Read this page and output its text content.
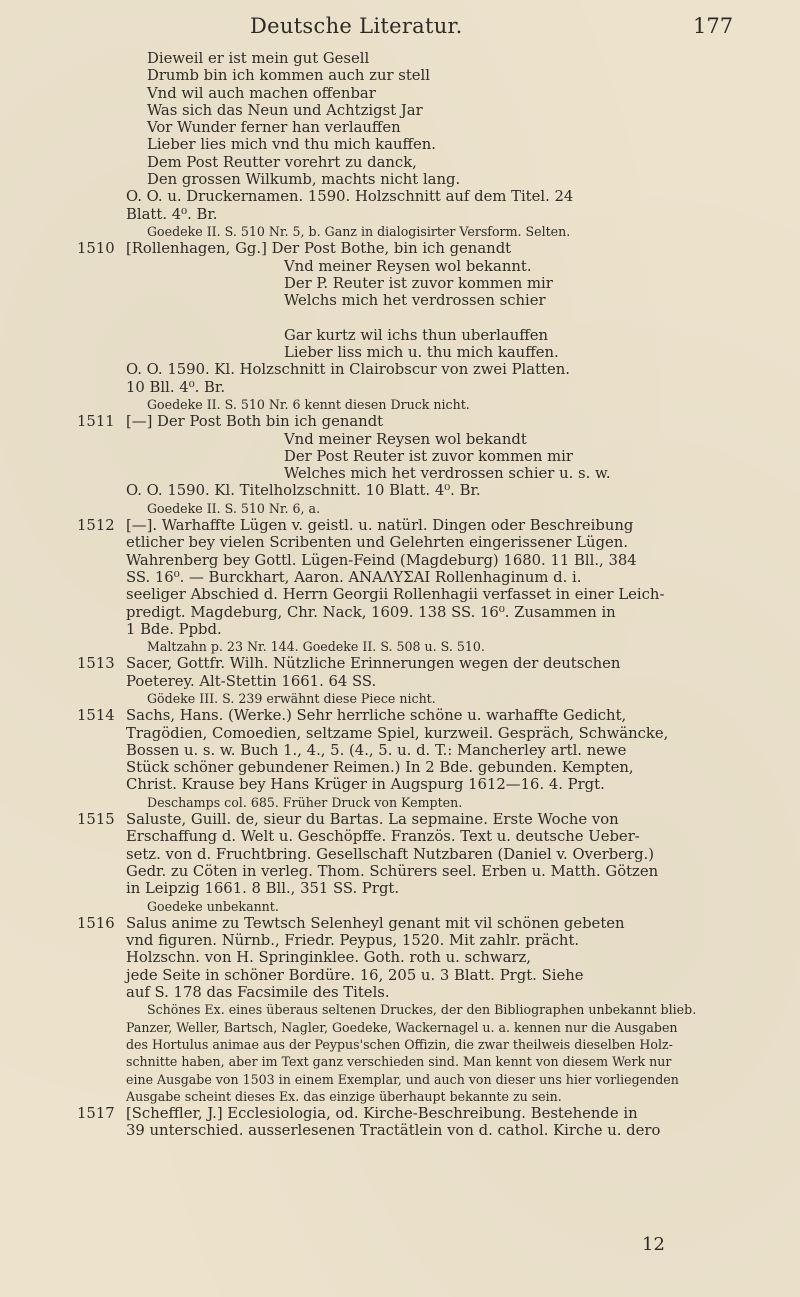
Deutsche Literatur.	177
Dieweil er ist mein gut Gesell
Drumb bin ich kommen auch zur stell
Vnd wil auch machen offenbar
Was sich das Neun und Achtzigst Jar
Vor Wunder ferner han verlauffen
Lieber lies mich vnd thu mich kauffen.
Dem Post Reutter vorehrt zu danck,
Den grossen Wilkumb, machts nicht lang.
O. O. u. Druckernamen. 1590. Holzschnitt auf dem Titel. 24
Blatt. 4⁰. Br.
Goedeke II. S. 510 Nr. 5, b. Ganz in dialogisirter Versform. Selten.
1510 [Rollenhagen, Gg.] Der Post Bothe, bin ich genandt
Vnd meiner Reysen wol bekannt.
Der P. Reuter ist zuvor kommen mir
Welchs mich het verdrossen schier
Gar kurtz wil ichs thun uberlauffen
Lieber liss mich u. thu mich kauffen.
O. O. 1590. Kl. Holzschnitt in Clairobscur von zwei Platten.
10 Bll. 4⁰. Br.
Goedeke II. S. 510 Nr. 6 kennt diesen Druck nicht.
1511 [—] Der Post Both bin ich genandt
Vnd meiner Reysen wol bekandt
Der Post Reuter ist zuvor kommen mir
Welches mich het verdrossen schier u. s. w.
O. O. 1590. Kl. Titelholzschnitt. 10 Blatt. 4⁰. Br.
Goedeke II. S. 510 Nr. 6, a.
1512 [—]. Warhaffte Lügen v. geistl. u. natürl. Dingen oder Beschreibung
etlicher bey vielen Scribenten und Gelehrten eingerissener Lügen.
Wahrenberg bey Gottl. Lügen-Feind (Magdeburg) 1680. 11 Bll., 384
SS. 16⁰. — Burckhart, Aaron. ΑΝΑΛΥΣΑΙ Rollenhaginum d. i.
seeliger Abschied d. Herrn Georgii Rollenhagii verfasset in einer Leich-
predigt. Magdeburg, Chr. Nack, 1609. 138 SS. 16⁰. Zusammen in
1 Bde. Ppbd.
Maltzahn p. 23 Nr. 144. Goedeke II. S. 508 u. S. 510.
1513 Sacer, Gottfr. Wilh. Nützliche Erinnerungen wegen der deutschen
Poeterey. Alt-Stettin 1661. 64 SS.
Gödeke III. S. 239 erwähnt diese Piece nicht.
1514 Sachs, Hans. (Werke.) Sehr herrliche schöne u. warhaffte Gedicht,
Tragödien, Comoedien, seltzame Spiel, kurzweil. Gespräch, Schwäncke,
Bossen u. s. w. Buch 1., 4., 5. (4., 5. u. d. T.: Mancherley artl. newe
Stück schöner gebundener Reimen.) In 2 Bde. gebunden. Kempten,
Christ. Krause bey Hans Krüger in Augspurg 1612—16. 4. Prgt.
Deschamps col. 685. Früher Druck von Kempten.
1515 Saluste, Guill. de, sieur du Bartas. La sepmaine. Erste Woche von
Erschaffung d. Welt u. Geschöpffe. Französ. Text u. deutsche Ueber-
setz. von d. Fruchtbring. Gesellschaft Nutzbaren (Daniel v. Overberg.)
Gedr. zu Cöten in verleg. Thom. Schürers seel. Erben u. Matth. Götzen
in Leipzig 1661. 8 Bll., 351 SS. Prgt.
Goedeke unbekannt.
1516 Salus anime zu Tewtsch Selenheyl genant mit vil schönen gebeten
vnd figuren. Nürnb., Friedr. Peypus, 1520. Mit zahlr. prächt.
Holzschn. von H. Springinklee. Goth. roth u. schwarz,
jede Seite in schöner Bordüre. 16, 205 u. 3 Blatt. Prgt. Siehe
auf S. 178 das Facsimile des Titels.
Schönes Ex. eines überaus seltenen Druckes, der den Bibliographen unbekannt blieb.
Panzer, Weller, Bartsch, Nagler, Goedeke, Wackernagel u. a. kennen nur die Ausgaben
des Hortulus animae aus der Peypus'schen Offizin, die zwar theilweis dieselben Holz-
schnitte haben, aber im Text ganz verschieden sind. Man kennt von diesem Werk nur
eine Ausgabe von 1503 in einem Exemplar, und auch von dieser uns hier vorliegenden
Ausgabe scheint dieses Ex. das einzige überhaupt bekannte zu sein.
1517 [Scheffler, J.] Ecclesiologia, od. Kirche-Beschreibung. Bestehende in
39 unterschied. ausserlesenen Tractätlein von d. cathol. Kirche u. dero
12
